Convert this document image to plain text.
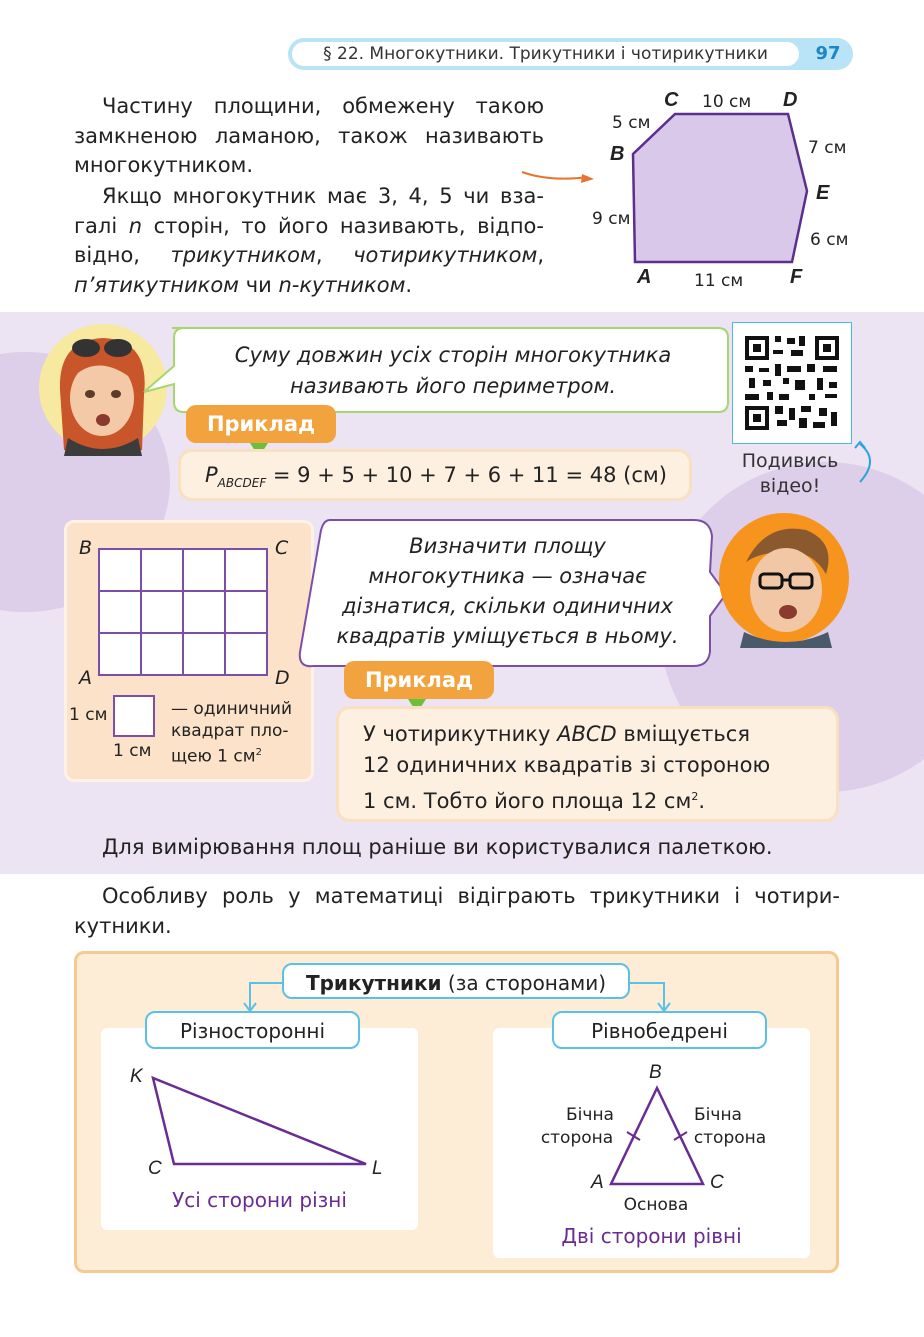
§ 22. Многокутники. Трикутники і чотирикутники	97
Частину площини, обмежену такою
замкненою ламаною, також називають
многокутником.
Якщо многокутник має 3, 4, 5 чи вза-
галі n сторін, то його називають, відпо-
відно, трикутником, чотирикутником,
п’ятикутником чи n-кутником.	A
B
C	D
E
F
9 см
5 см
10 см
7 см
6 см
11 см
Суму довжин усіх сторін многокутника
називають його периметром.
Приклад
$P_{ABCDEF} = 9 + 5 + 10 + 7 + 6 + 11 = 48$ (см)
Подивись
відео!
B	C
A	D
1 см
1 см
— одиничний
квадрат пло-
щею 1 $см^2$
Визначити площу
многокутника — означає
дізнатися, скільки одиничних
квадратів уміщується в ньому.
Приклад
У чотирикутнику ABCD вміщується
12 одиничних квадратів зі стороною
1 см. Тобто його площа 12 $см^2$.
Для вимірювання площ раніше ви користувалися палеткою.
Особливу роль у математиці відіграють трикутники і чотири-
кутники.
Трикутники (за сторонами)
Різносторонні
K
C	L
Усі сторони різні
Рівнобедрені
B
A	C
Бічна
сторона
Бічна
сторона
Основа
Дві сторони рівні
